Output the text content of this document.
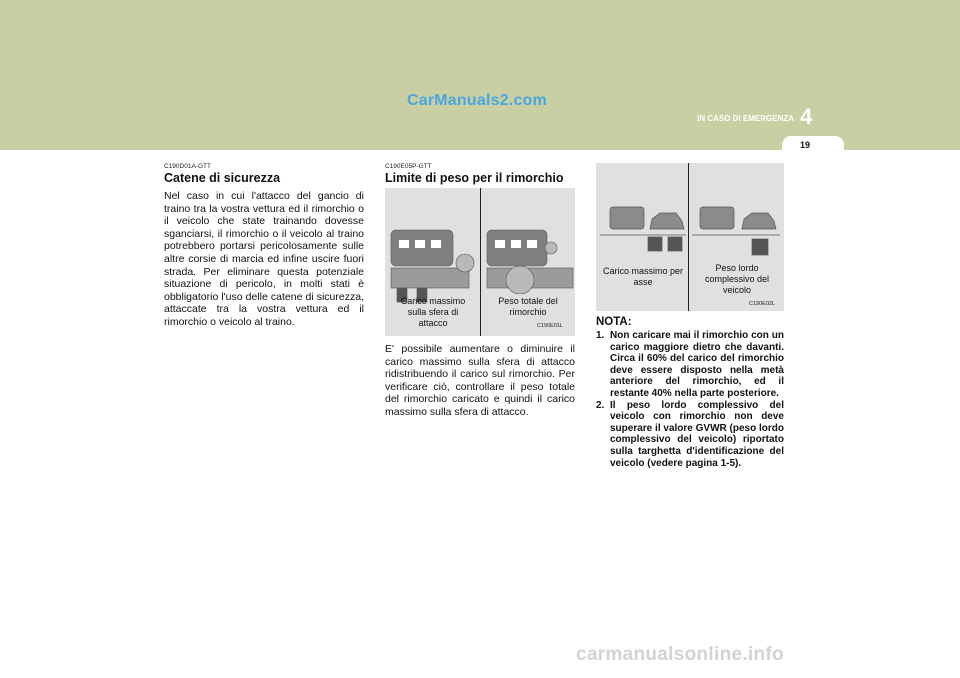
CarManuals2.com
IN CASO DI EMERGENZA 4
19
C190D01A-GTT
Catene di sicurezza
Nel caso in cui l'attacco del gancio di traino tra la vostra vettura ed il rimorchio o il veicolo che state trainando dovesse sganciarsi, il rimorchio o il veicolo al traino potrebbero portarsi pericolosamente sulle altre corsie di marcia ed infine uscire fuori strada. Per eliminare questa potenziale situazione di pericolo, in molti stati è obbligatorio l'uso delle catene di sicurezza, attaccate tra la vostra vettura ed il rimorchio o veicolo al traino.
C190E05P-GTT
Limite di peso per il rimorchio
Carico massimo sulla sfera di attacco
Peso totale del rimorchio
C190E01L
E' possibile aumentare o diminuire il carico massimo sulla sfera di attacco ridistribuendo il carico sul rimorchio. Per verificare ciò, controllare il peso totale del rimorchio caricato e quindi il carico massimo sulla sfera di attacco.
Carico massimo per asse
Peso lordo complessivo del veicolo
C190E02L
NOTA:
1. Non caricare mai il rimorchio con un carico maggiore dietro che davanti. Circa il 60% del carico del rimorchio deve essere disposto nella metà anteriore del rimorchio, ed il restante 40% nella parte posteriore.
2. Il peso lordo complessivo del veicolo con rimorchio non deve superare il valore GVWR (peso lordo complessivo del veicolo) riportato sulla targhetta d'identificazione del veicolo (vedere pagina 1-5).
carmanualsonline.info
